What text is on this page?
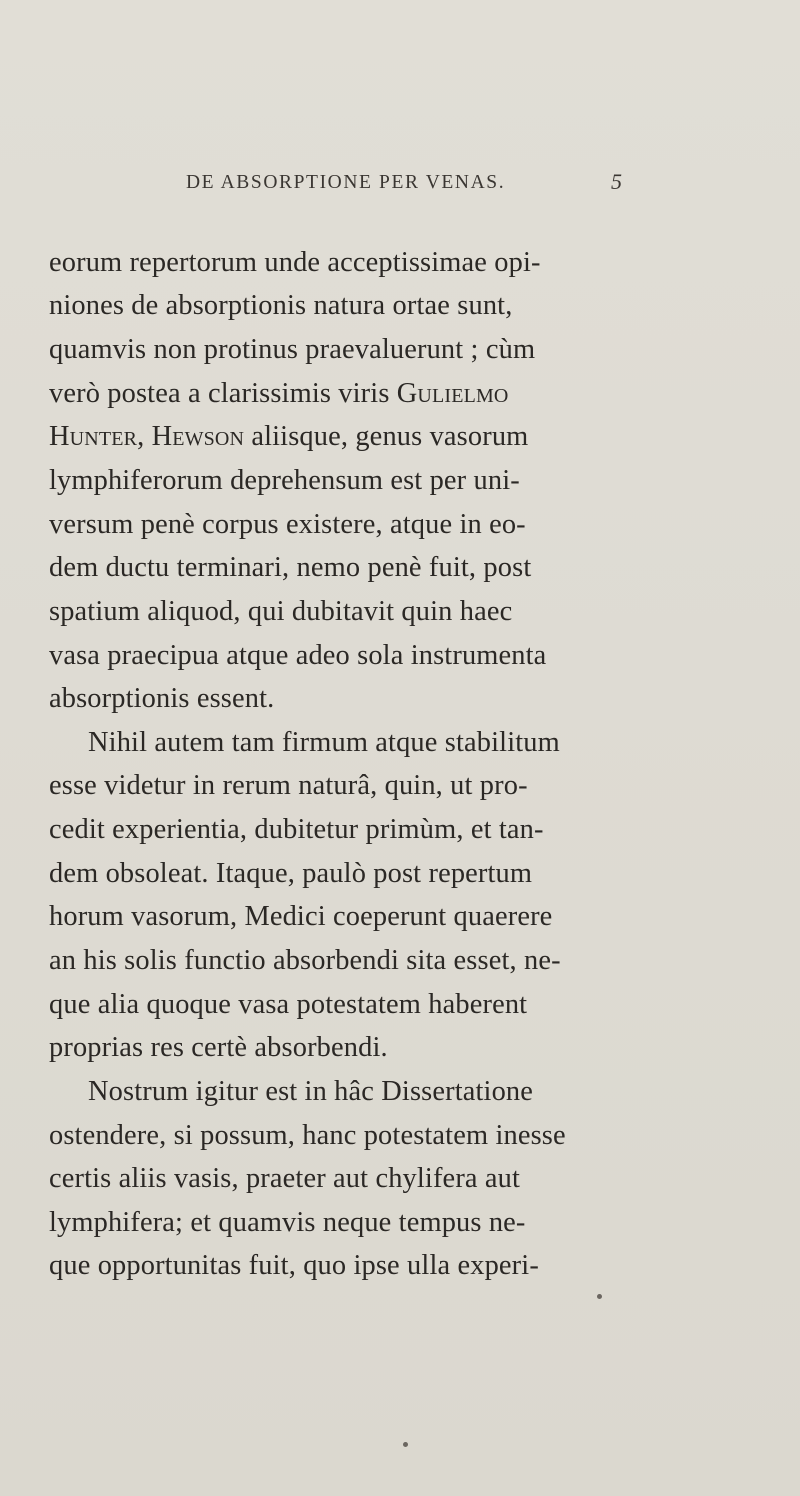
DE ABSORPTIONE PER VENAS.	5
eorum repertorum unde acceptissimae opi-
niones de absorptionis natura ortae sunt,
quamvis non protinus praevaluerunt ; cùm
verò postea a clarissimis viris Gulielmo
Hunter, Hewson aliisque, genus vasorum
lymphiferorum deprehensum est per uni-
versum penè corpus existere, atque in eo-
dem ductu terminari, nemo penè fuit, post
spatium aliquod, qui dubitavit quin haec
vasa praecipua atque adeo sola instrumenta
absorptionis essent.
Nihil autem tam firmum atque stabilitum
esse videtur in rerum naturâ, quin, ut pro-
cedit experientia, dubitetur primùm, et tan-
dem obsoleat. Itaque, paulò post repertum
horum vasorum, Medici coeperunt quaerere
an his solis functio absorbendi sita esset, ne-
que alia quoque vasa potestatem haberent
proprias res certè absorbendi.
Nostrum igitur est in hâc Dissertatione
ostendere, si possum, hanc potestatem inesse
certis aliis vasis, praeter aut chylifera aut
lymphifera; et quamvis neque tempus ne-
que opportunitas fuit, quo ipse ulla experi-
